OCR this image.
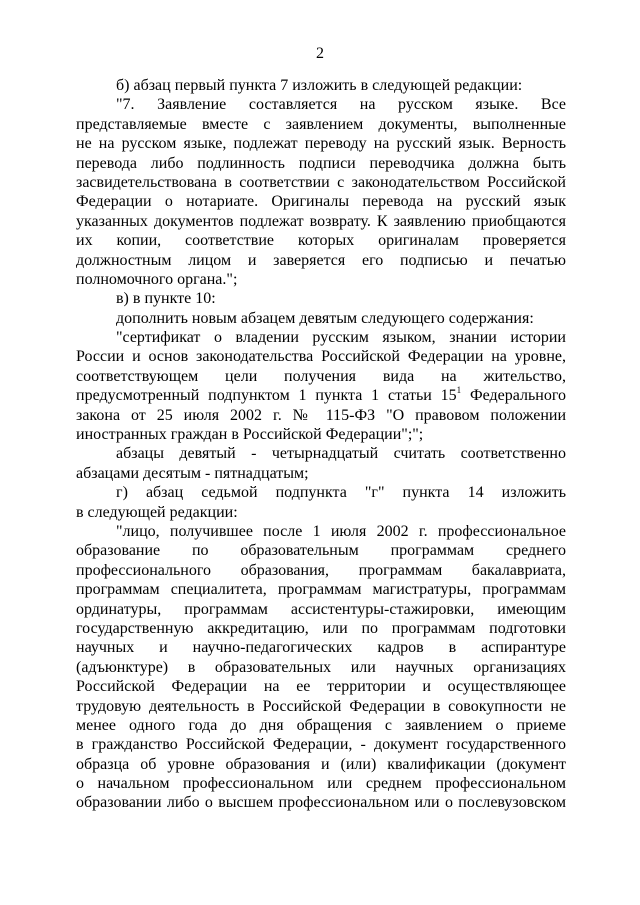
2
б) абзац первый пункта 7 изложить в следующей редакции:
"7. Заявление составляется на русском языке. Все
представляемые вместе с заявлением документы, выполненные
не на русском языке, подлежат переводу на русский язык. Верность
перевода либо подлинность подписи переводчика должна быть
засвидетельствована в соответствии с законодательством Российской
Федерации о нотариате. Оригиналы перевода на русский язык
указанных документов подлежат возврату. К заявлению приобщаются
их копии, соответствие которых оригиналам проверяется
должностным лицом и заверяется его подписью и печатью
полномочного органа.";
в) в пункте 10:
дополнить новым абзацем девятым следующего содержания:
"сертификат о владении русским языком, знании истории
России и основ законодательства Российской Федерации на уровне,
соответствующем цели получения вида на жительство,
предусмотренный подпунктом 1 пункта 1 статьи $15^1$ Федерального
закона от 25 июля 2002 г. № 115-ФЗ "О правовом положении
иностранных граждан в Российской Федерации";";
абзацы девятый - четырнадцатый считать соответственно
абзацами десятым - пятнадцатым;
г) абзац седьмой подпункта "г" пункта 14 изложить
в следующей редакции:
"лицо, получившее после 1 июля 2002 г. профессиональное
образование по образовательным программам среднего
профессионального образования, программам бакалавриата,
программам специалитета, программам магистратуры, программам
ординатуры, программам ассистентуры-стажировки, имеющим
государственную аккредитацию, или по программам подготовки
научных и научно-педагогических кадров в аспирантуре
(адъюнктуре) в образовательных или научных организациях
Российской Федерации на ее территории и осуществляющее
трудовую деятельность в Российской Федерации в совокупности не
менее одного года до дня обращения с заявлением о приеме
в гражданство Российской Федерации, - документ государственного
образца об уровне образования и (или) квалификации (документ
о начальном профессиональном или среднем профессиональном
образовании либо о высшем профессиональном или о послевузовском
